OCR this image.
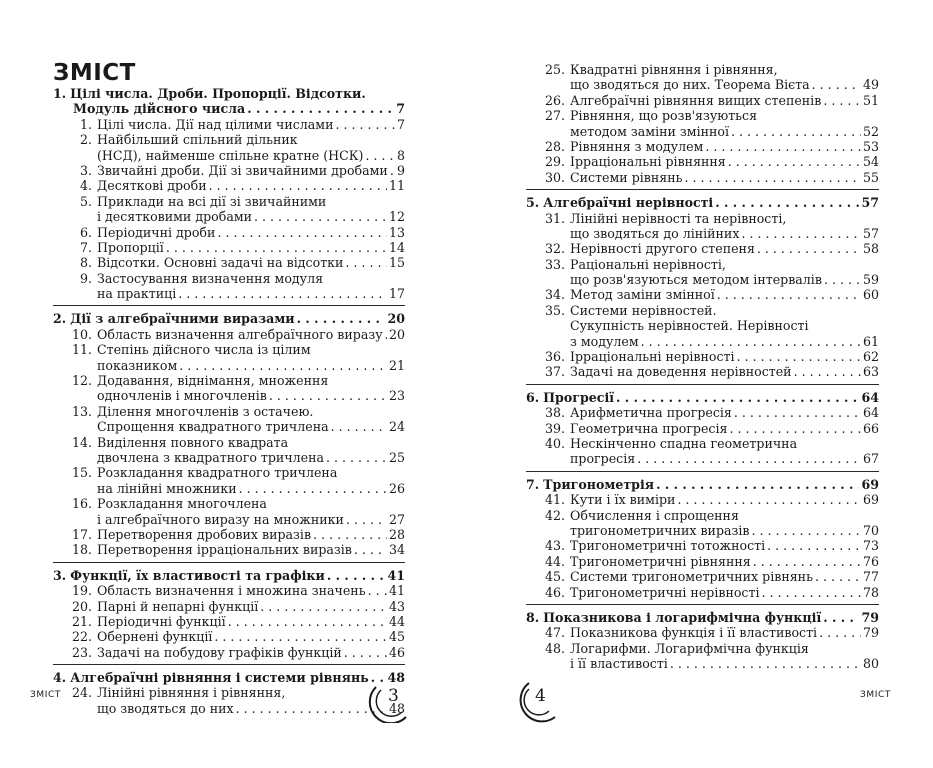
ЗМІСТ
1. Цілі числа. Дроби. Пропорції. Відсотки.
Модуль дійсного числа . . .	7
1. Цілі числа. Дії над цілими числами . . .	7
2. Найбільший спільний дільник
(НСД), найменше спільне кратне (НСК) . . .	8
3. Звичайні дроби. Дії зі звичайними дробами . . . 9
4. Десяткові дроби . . .	11
5. Приклади на всі дії зі звичайними
і десятковими дробами . . .	12
6. Періодичні дроби . . .	13
7. Пропорції . . .	14
8. Відсотки. Основні задачі на відсотки . . .	15
9. Застосування визначення модуля
на практиці . . .	17
2. Дії з алгебраїчними виразами . . .	20
10. Область визначення алгебраїчного виразу . . . 20
11. Степінь дійсного числа із цілим
показником . . .	21
12. Додавання, віднімання, множення
одночленів і многочленів . . .	23
13. Ділення многочленів з остачею.
Спрощення квадратного тричлена . . .	24
14. Виділення повного квадрата
двочлена з квадратного тричлена . . .	25
15. Розкладання квадратного тричлена
на лінійні множники . . .	26
16. Розкладання многочлена
і алгебраїчного виразу на множники . . .	27
17. Перетворення дробових виразів . . .	28
18. Перетворення ірраціональних виразів . . .	34
3. Функції, їх властивості та графіки . . .	41
19. Область визначення і множина значень . . . 41
20. Парні й непарні функції . . .	43
21. Періодичні функції . . .	44
22. Обернені функції . . .	45
23. Задачі на побудову графіків функцій . . .	46
4. Алгебраїчні рівняння і системи рівнянь . . . 48
24. Лінійні рівняння і рівняння,
що зводяться до них . . .	48
25. Квадратні рівняння і рівняння,
що зводяться до них. Теорема Вієта . . .	49
26. Алгебраїчні рівняння вищих степенів . . .	51
27. Рівняння, що розв'язуються
методом заміни змінної . . .	52
28. Рівняння з модулем . . .	53
29. Ірраціональні рівняння . . .	54
30. Системи рівнянь . . .	55
5. Алгебраїчні нерівності . . .	57
31. Лінійні нерівності та нерівності,
що зводяться до лінійних . . .	57
32. Нерівності другого степеня . . .	58
33. Раціональні нерівності,
що розв'язуються методом інтервалів . . .	59
34. Метод заміни змінної . . .	60
35. Системи нерівностей.
Сукупність нерівностей. Нерівності
з модулем . . .	61
36. Ірраціональні нерівності . . .	62
37. Задачі на доведення нерівностей . . .	63
6. Прогресії . . .	64
38. Арифметична прогресія . . .	64
39. Геометрична прогресія . . .	66
40. Нескінченно спадна геометрична
прогресія . . .	67
7. Тригонометрія . . .	69
41. Кути і їх виміри . . .	69
42. Обчислення і спрощення
тригонометричних виразів . . .	70
43. Тригонометричні тотожності . . .	73
44. Тригонометричні рівняння . . .	76
45. Системи тригонометричних рівнянь . . .	77
46. Тригонометричні нерівності . . .	78
8. Показникова і логарифмічна функції . . .	79
47. Показникова функція і її властивості . . .	79
48. Логарифми. Логарифмічна функція
і її властивості . . .	80
ЗМІСТ	ЗМІСТ
3	4
